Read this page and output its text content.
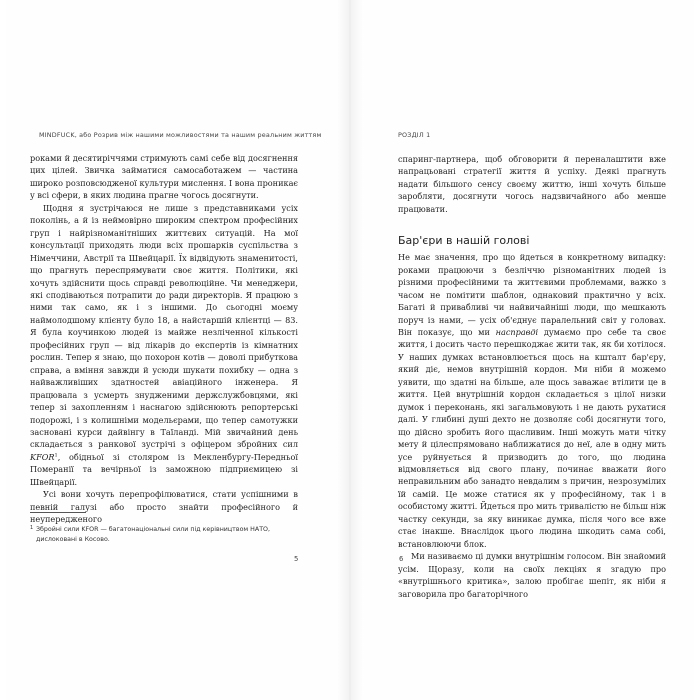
MINDFUCK, або Розрив між нашими можливостями та нашим реальним життям

роками й десятиріччями стримують самі себе від досягнення цих цілей. Звичка займатися самосаботажем — частина широко розповсюдженої культури мислення. І вона проникає у всі сфери, в яких людина прагне чогось досягнути.

Щодня я зустрічаюся не лише з представниками усіх поколінь, а й із неймовірно широким спектром професійних груп і найрізноманітніших життєвих ситуацій. На мої консультації приходять люди всіх прошарків суспільства з Німеччини, Австрії та Швейцарії. Їх відвідують знаменитості, що прагнуть переспрямувати своє життя. Політики, які хочуть здійснити щось справді революційне. Чи менеджери, які сподіваються потрапити до ради директорів. Я працюю з ними так само, як і з іншими. До сьогодні моєму наймолодшому клієнту було 18, а найстаршій клієнтці — 83. Я була коучинкою людей із майже незліченної кількості професійних груп — від лікарів до експертів із кімнатних рослин. Тепер я знаю, що похорон котів — доволі прибуткова справа, а вміння завжди й усюди шукати похибку — одна з найважливіших здатностей авіаційного інженера. Я працювала з усмерть знудженими держслужбовцями, які тепер зі захопленням і наснагою здійснюють репортерські подорожі, і з колишніми модельєрами, що тепер самотужки засновані курси дайвінгу в Таїланді. Мій звичайний день складається з ранкової зустрічі з офіцером збройних сил KFOR$^1$, обідньої зі столяром із Мекленбургу-Передньої Померанії та вечірньої із заможною підприємицею зі Швейцарії.

Усі вони хочуть перепрофілюватися, стати успішними в певній галузі або просто знайти професійного й неупередженого

1 Збройні сили KFOR — багатонаціональні сили під керівництвом НАТО, дислоковані в Косово.
5
РОЗДІЛ 1

спаринг-партнера, щоб обговорити й переналаштити вже напрацьовані стратегії життя й успіху. Деякі прагнуть надати більшого сенсу своєму життю, інші хочуть більше заробляти, досягнути чогось надзвичайного або менше працювати.

Бар'єри в нашій голові

Не має значення, про що йдеться в конкретному випадку: роками працюючи з безліччю різноманітних людей із різними професійними та життєвими проблемами, важко з часом не помітити шаблон, однаковий практично у всіх. Багаті й привабливі чи найвичайніші люди, що мешкають поруч із нами, — усіх об'єднує паралельний світ у головах. Він показує, що ми насправді думаємо про себе та своє життя, і досить часто перешкоджає жити так, як би хотілося. У наших думках встановлюється щось на кшталт бар'єру, який діє, немов внутрішній кордон. Ми ніби й можемо уявити, що здатні на більше, але щось заважає втілити це в життя. Цей внутрішній кордон складається з цілої низки думок і переконань, які загальмовують і не дають рухатися далі. У глибині душі дехто не дозволяє собі досягнути того, що дійсно зробить його щасливим. Інші можуть мати чітку мету й цілеспрямовано наближатися до неї, але в одну мить усе руйнується й призводить до того, що людина відмовляється від свого плану, починає вважати його неправильним або занадто невдалим з причин, незрозумілих їй самій. Це може статися як у професійному, так і в особистому житті. Йдеться про мить тривалістю не більш ніж частку секунди, за яку виникає думка, після чого все вже стає інакше. Внаслідок цього людина шкодить сама собі, встановлюючи блок.

Ми називаємо ці думки внутрішнім голосом. Він знайомий усім. Щоразу, коли на своїх лекціях я згадую про «внутрішнього критика», залою пробігає шепіт, як ніби я заговорила про багаторічного

6
